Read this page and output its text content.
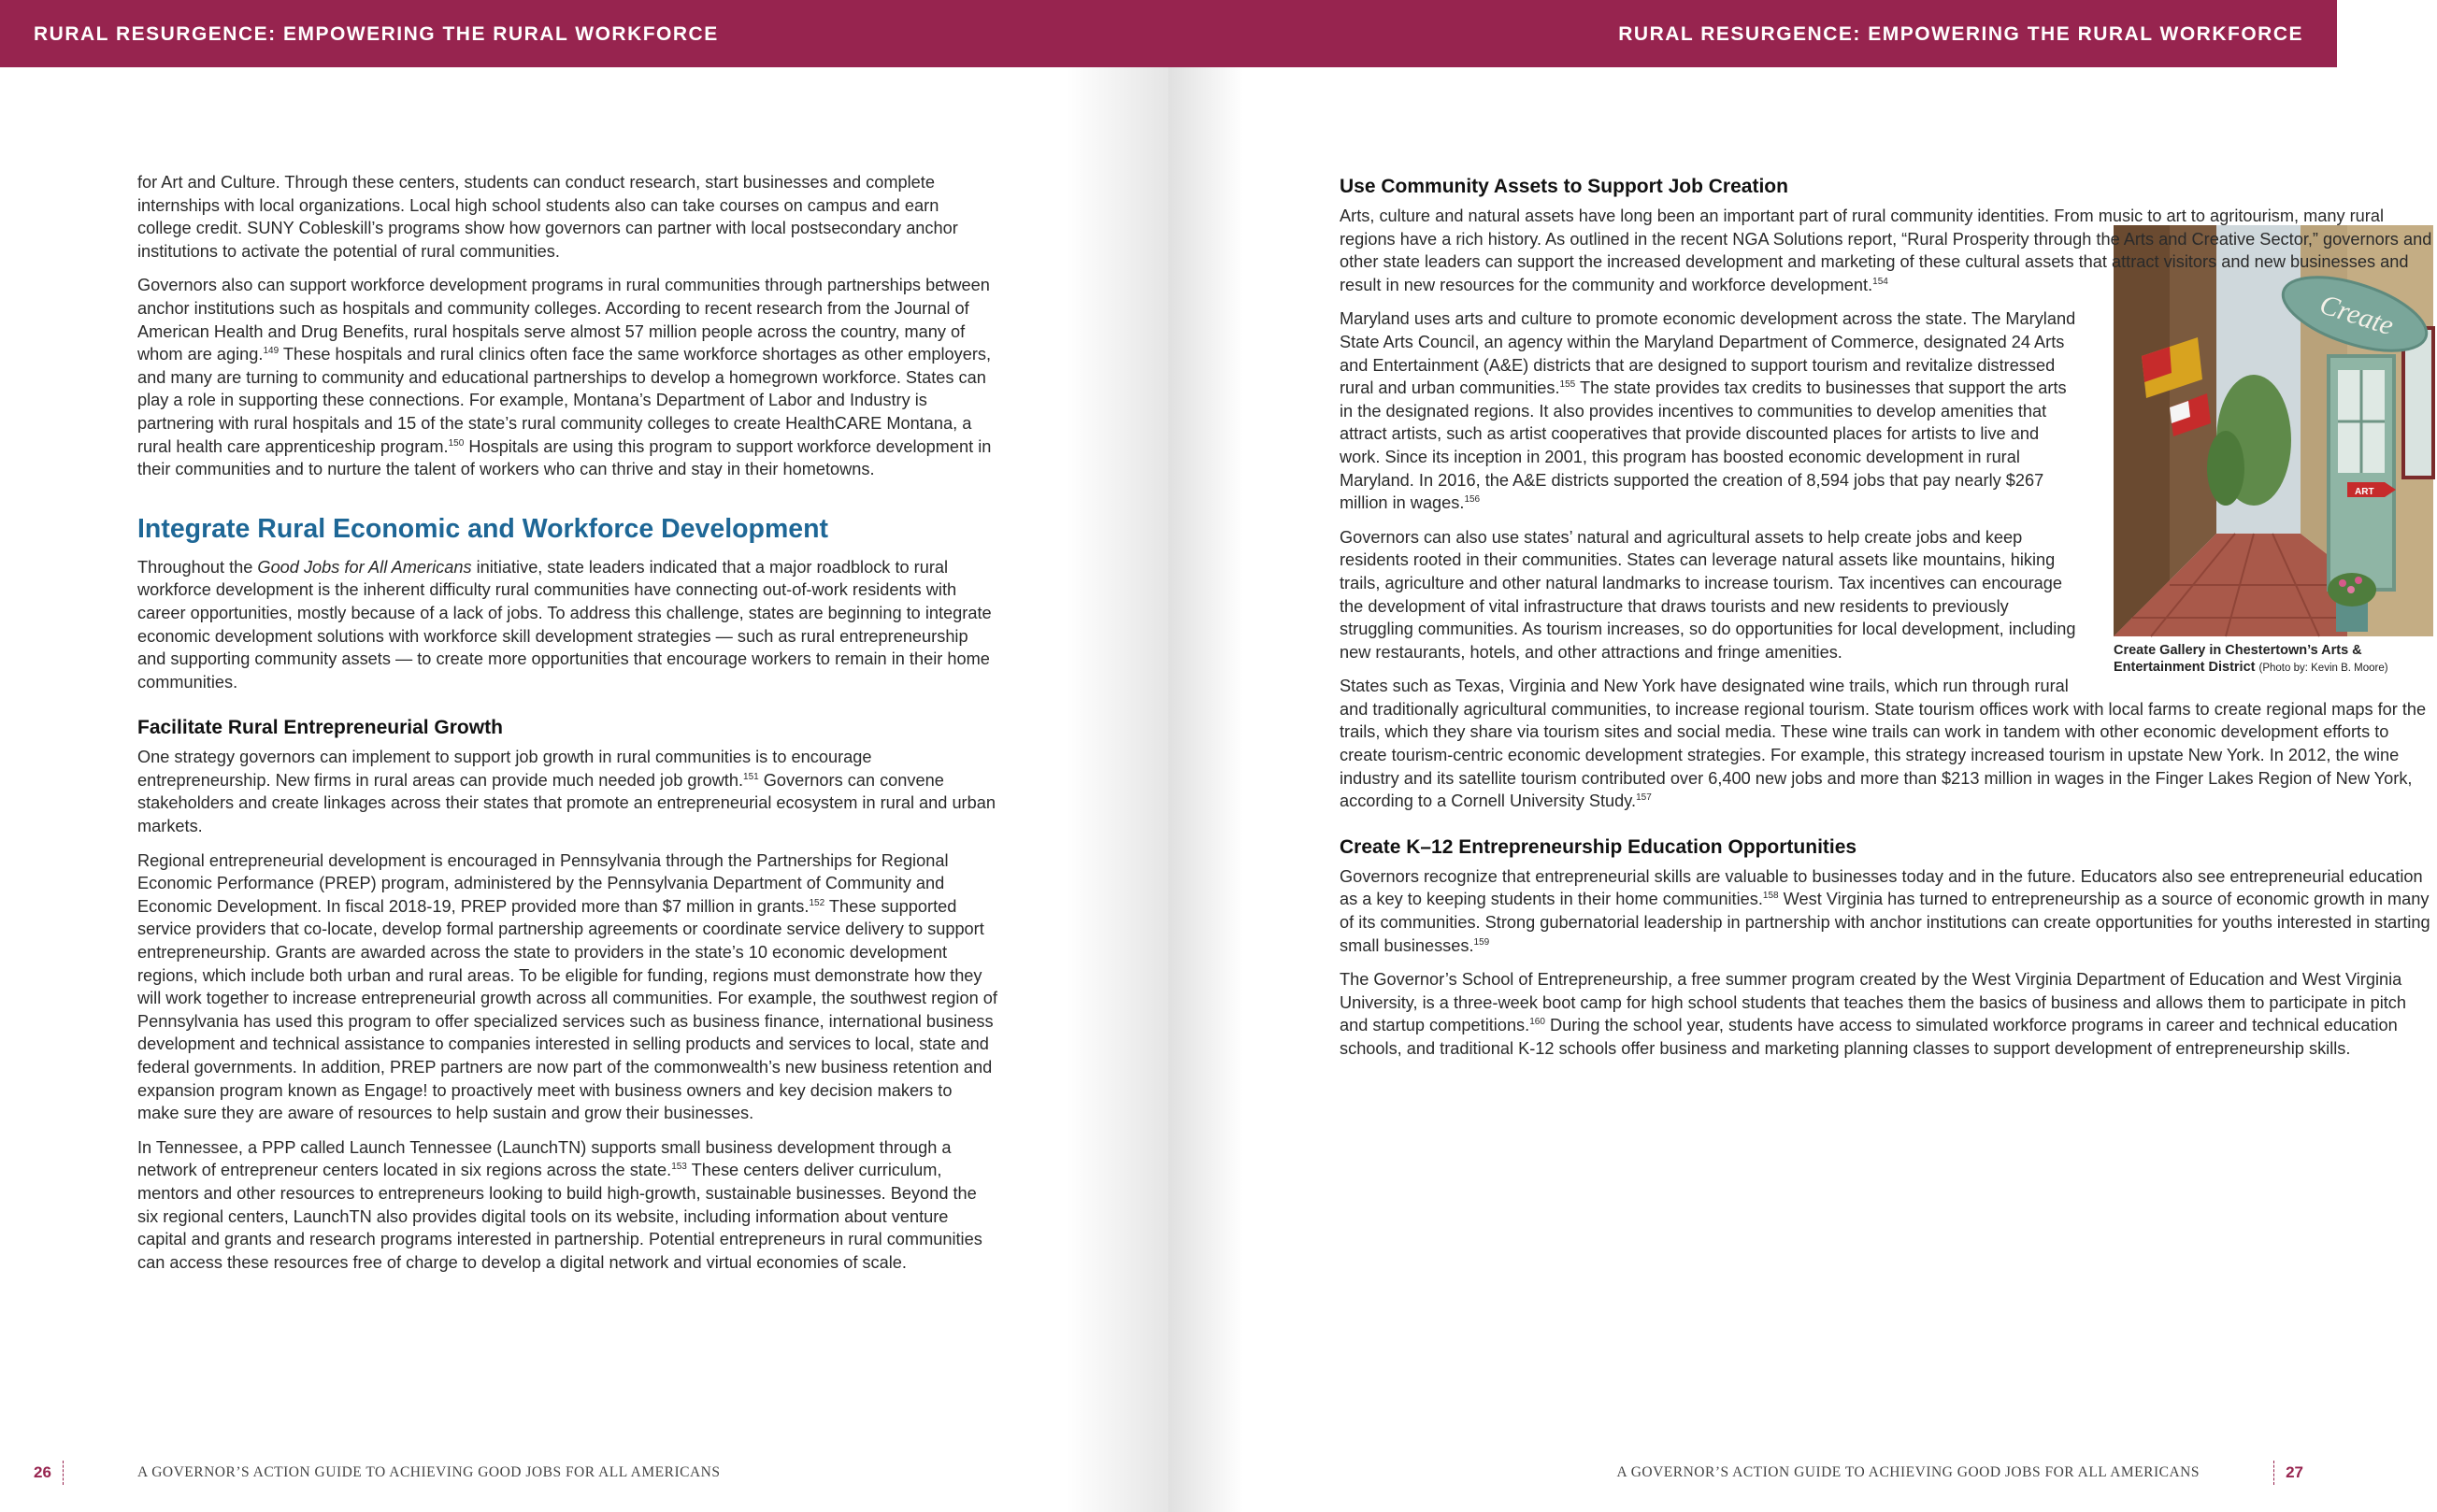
RURAL RESURGENCE: EMPOWERING THE RURAL WORKFORCE

for Art and Culture. Through these centers, students can conduct research, start businesses and complete internships with local organizations. Local high school students also can take courses on campus and earn college credit. SUNY Cobleskill’s programs show how governors can partner with local postsecondary anchor institutions to activate the potential of rural communities.

Governors also can support workforce development programs in rural communities through partnerships between anchor institutions such as hospitals and community colleges. According to recent research from the Journal of American Health and Drug Benefits, rural hospitals serve almost 57 million people across the country, many of whom are aging.$^{149}$ These hospitals and rural clinics often face the same workforce shortages as other employers, and many are turning to community and educational partnerships to develop a homegrown workforce. States can play a role in supporting these connections. For example, Montana’s Department of Labor and Industry is partnering with rural hospitals and 15 of the state’s rural community colleges to create HealthCARE Montana, a rural health care apprenticeship program.$^{150}$ Hospitals are using this program to support workforce development in their communities and to nurture the talent of workers who can thrive and stay in their hometowns.

Integrate Rural Economic and Workforce Development

Throughout the Good Jobs for All Americans initiative, state leaders indicated that a major roadblock to rural workforce development is the inherent difficulty rural communities have connecting out-of-work residents with career opportunities, mostly because of a lack of jobs. To address this challenge, states are beginning to integrate economic development solutions with workforce skill development strategies — such as rural entrepreneurship and supporting community assets — to create more opportunities that encourage workers to remain in their home communities.

Facilitate Rural Entrepreneurial Growth

One strategy governors can implement to support job growth in rural communities is to encourage entrepreneurship. New firms in rural areas can provide much needed job growth.$^{151}$ Governors can convene stakeholders and create linkages across their states that promote an entrepreneurial ecosystem in rural and urban markets.

Regional entrepreneurial development is encouraged in Pennsylvania through the Partnerships for Regional Economic Performance (PREP) program, administered by the Pennsylvania Department of Community and Economic Development. In fiscal 2018-19, PREP provided more than $7 million in grants.$^{152}$ These supported service providers that co-locate, develop formal partnership agreements or coordinate service delivery to support entrepreneurship. Grants are awarded across the state to providers in the state’s 10 economic development regions, which include both urban and rural areas. To be eligible for funding, regions must demonstrate how they will work together to increase entrepreneurial growth across all communities. For example, the southwest region of Pennsylvania has used this program to offer specialized services such as business finance, international business development and technical assistance to companies interested in selling products and services to local, state and federal governments. In addition, PREP partners are now part of the commonwealth’s new business retention and expansion program known as Engage! to proactively meet with business owners and key decision makers to make sure they are aware of resources to help sustain and grow their businesses.

In Tennessee, a PPP called Launch Tennessee (LaunchTN) supports small business development through a network of entrepreneur centers located in six regions across the state.$^{153}$ These centers deliver curriculum, mentors and other resources to entrepreneurs looking to build high-growth, sustainable businesses. Beyond the six regional centers, LaunchTN also provides digital tools on its website, including information about venture capital and grants and research programs interested in partnership. Potential entrepreneurs in rural communities can access these resources free of charge to develop a digital network and virtual economies of scale.

26	A GOVERNOR’S ACTION GUIDE TO ACHIEVING GOOD JOBS FOR ALL AMERICANS
RURAL RESURGENCE: EMPOWERING THE RURAL WORKFORCE
Use Community Assets to Support Job Creation

Arts, culture and natural assets have long been an important part of rural community identities. From music to art to agritourism, many rural regions have a rich history. As outlined in the recent NGA Solutions report, “Rural Prosperity through the Arts and Creative Sector,” governors and other state leaders can support the increased development and marketing of these cultural assets that attract visitors and new businesses and result in new resources for the community and workforce development.$^{154}$

Create
ART
Create Gallery in Chestertown’s Arts & Entertainment District (Photo by: Kevin B. Moore)

Maryland uses arts and culture to promote economic development across the state. The Maryland State Arts Council, an agency within the Maryland Department of Commerce, designated 24 Arts and Entertainment (A&E) districts that are designed to support tourism and revitalize distressed rural and urban communities.$^{155}$ The state provides tax credits to businesses that support the arts in the designated regions. It also provides incentives to communities to develop amenities that attract artists, such as artist cooperatives that provide discounted places for artists to live and work. Since its inception in 2001, this program has boosted economic development in rural Maryland. In 2016, the A&E districts supported the creation of 8,594 jobs that pay nearly $267 million in wages.$^{156}$

Governors can also use states’ natural and agricultural assets to help create jobs and keep residents rooted in their communities. States can leverage natural assets like mountains, hiking trails, agriculture and other natural landmarks to increase tourism. Tax incentives can encourage the development of vital infrastructure that draws tourists and new residents to previously struggling communities. As tourism increases, so do opportunities for local development, including new restaurants, hotels, and other attractions and fringe amenities.

States such as Texas, Virginia and New York have designated wine trails, which run through rural and traditionally agricultural communities, to increase regional tourism. State tourism offices work with local farms to create regional maps for the trails, which they share via tourism sites and social media. These wine trails can work in tandem with other economic development efforts to create tourism-centric economic development strategies. For example, this strategy increased tourism in upstate New York. In 2012, the wine industry and its satellite tourism contributed over 6,400 new jobs and more than $213 million in wages in the Finger Lakes Region of New York, according to a Cornell University Study.$^{157}$

Create K–12 Entrepreneurship Education Opportunities

Governors recognize that entrepreneurial skills are valuable to businesses today and in the future. Educators also see entrepreneurial education as a key to keeping students in their home communities.$^{158}$ West Virginia has turned to entrepreneurship as a source of economic growth in many of its communities. Strong gubernatorial leadership in partnership with anchor institutions can create opportunities for youths interested in starting small businesses.$^{159}$

The Governor’s School of Entrepreneurship, a free summer program created by the West Virginia Department of Education and West Virginia University, is a three-week boot camp for high school students that teaches them the basics of business and allows them to participate in pitch and startup competitions.$^{160}$ During the school year, students have access to simulated workforce programs in career and technical education schools, and traditional K-12 schools offer business and marketing planning classes to support development of entrepreneurship skills.

A GOVERNOR’S ACTION GUIDE TO ACHIEVING GOOD JOBS FOR ALL AMERICANS	27
